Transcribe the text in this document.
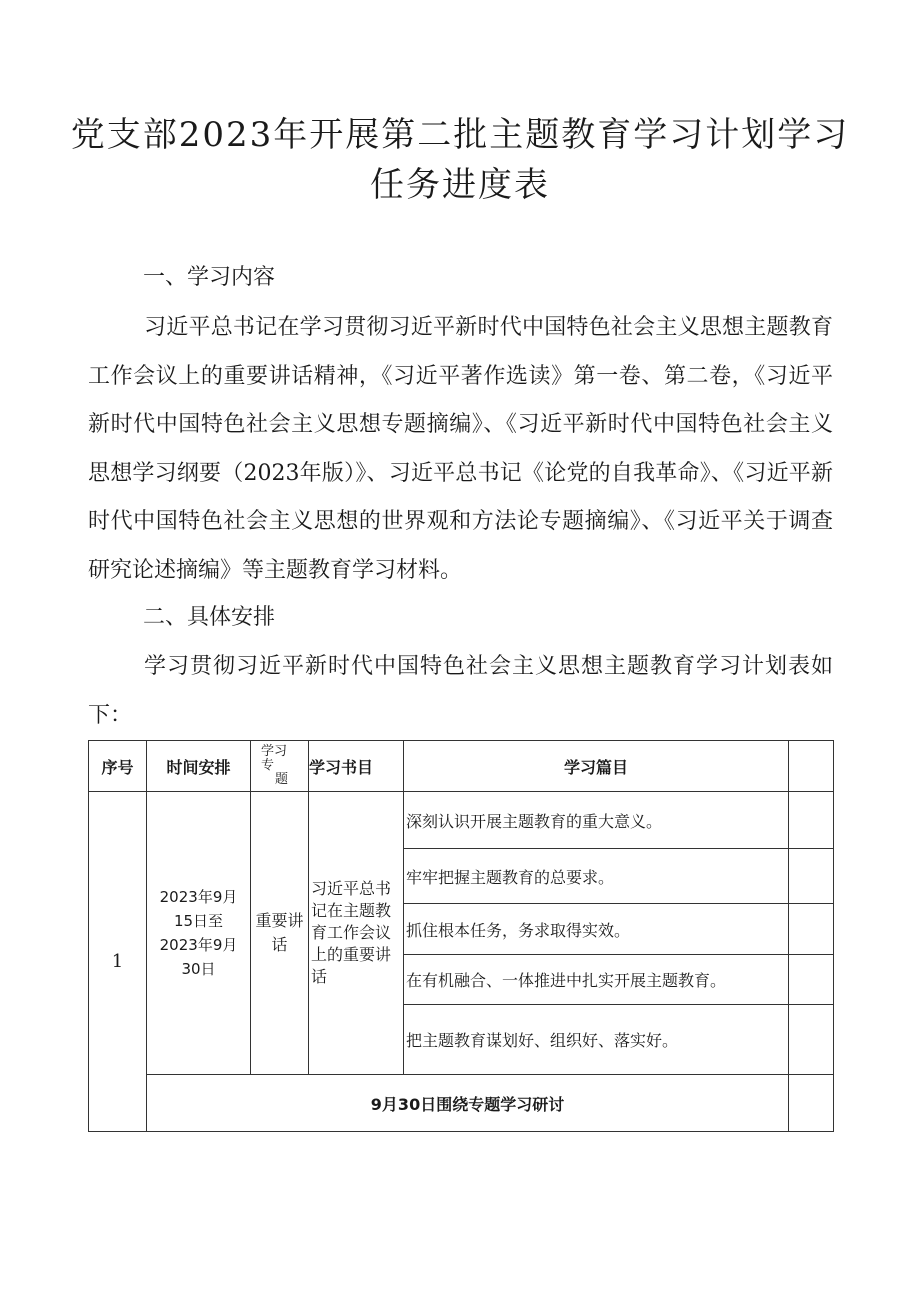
党支部2023年开展第二批主题教育学习计划学习
任务进度表
一、学习内容

习近平总书记在学习贯彻习近平新时代中国特色社会主义思想主题教育工作会议上的重要讲话精神，《习近平著作选读》第一卷、第二卷，《习近平新时代中国特色社会主义思想专题摘编》、《习近平新时代中国特色社会主义思想学习纲要（2023年版）》、习近平总书记《论党的自我革命》、《习近平新时代中国特色社会主义思想的世界观和方法论专题摘编》、《习近平关于调查研究论述摘编》等主题教育学习材料。

二、具体安排

学习贯彻习近平新时代中国特色社会主义思想主题教育学习计划表如下：

序号	时间安排	学习
专
题	学习书目	学习篇目	
1	2023年9月
15日至
2023年9月
30日	重要讲话	习近平总书记在主题教育工作会议上的重要讲话	深刻认识开展主题教育的重大意义。	
				牢牢把握主题教育的总要求。	
				抓住根本任务，务求取得实效。	
				在有机融合、一体推进中扎实开展主题教育。	
				把主题教育谋划好、组织好、落实好。	
	9月30日围绕专题学习研讨				
